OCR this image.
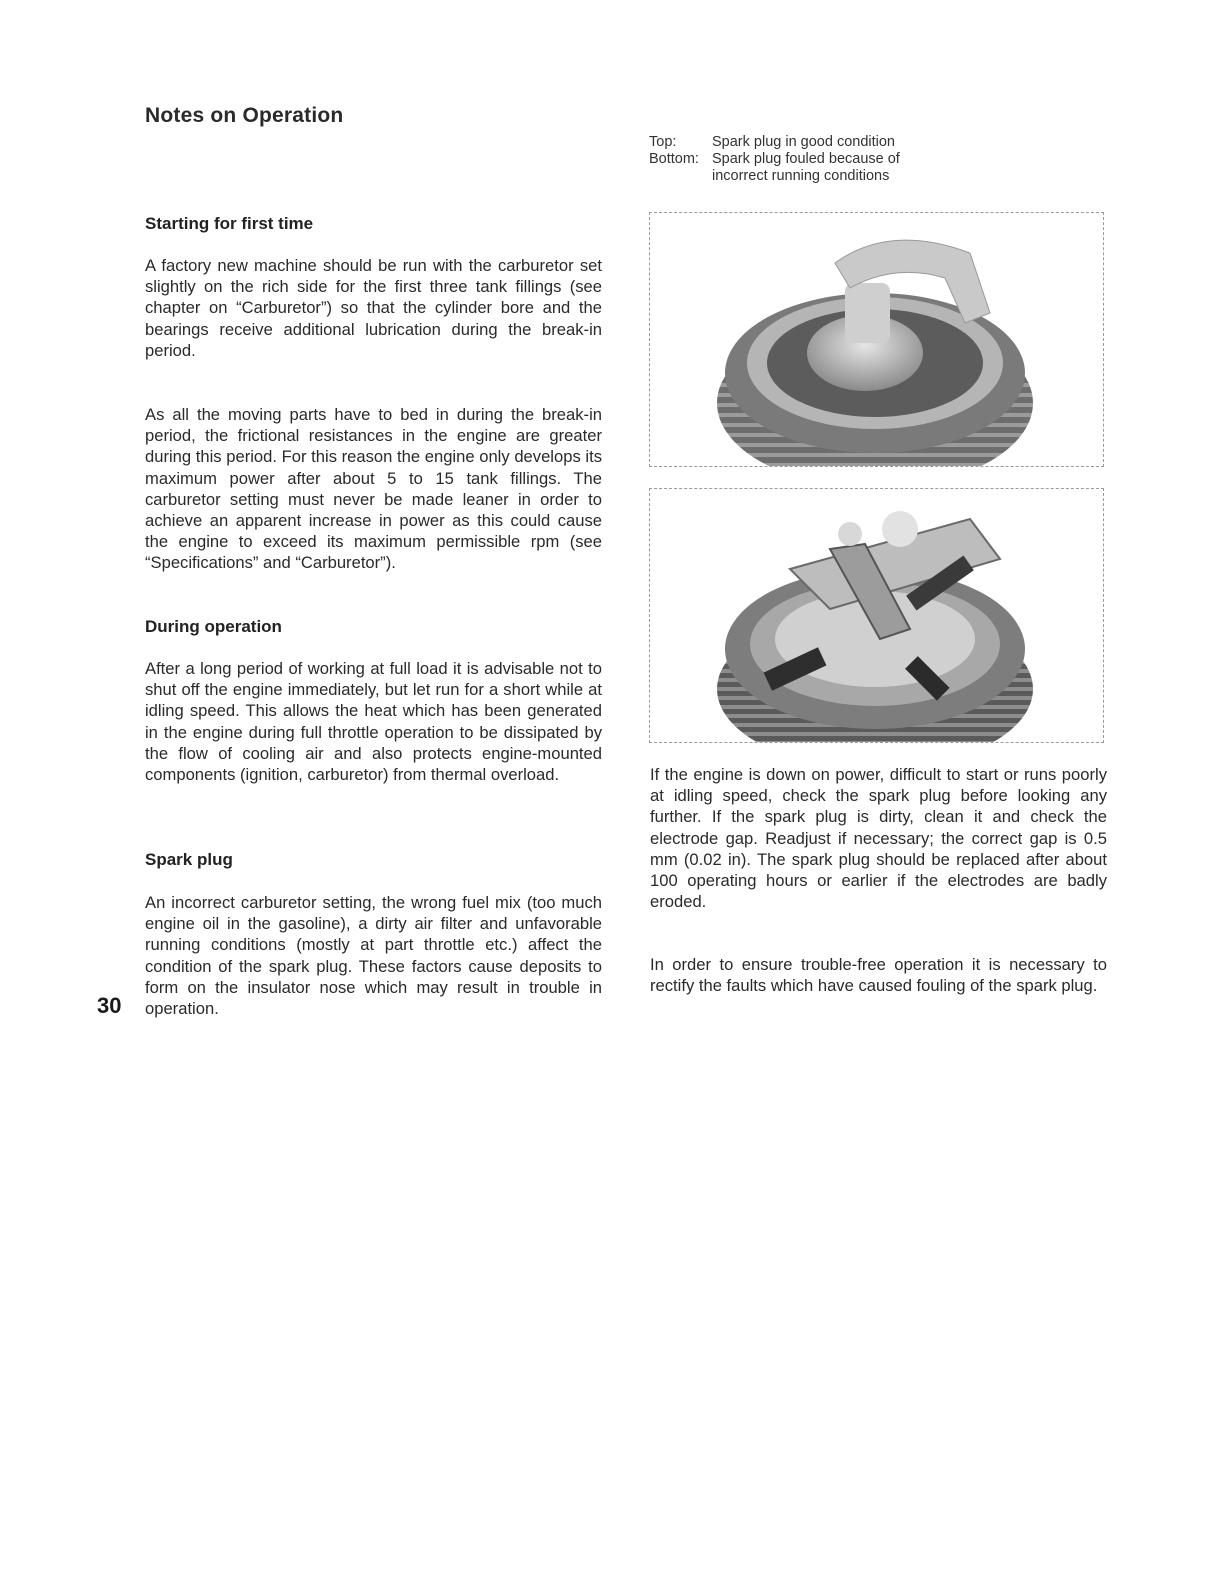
Notes on Operation
Top:	Spark plug in good condition
Bottom: Spark plug fouled because of incorrect running conditions
Starting for first time

A factory new machine should be run with the carburetor set slightly on the rich side for the first three tank fillings (see chapter on “Carburetor”) so that the cylinder bore and the bearings receive additional lubrication during the break-in period.

As all the moving parts have to bed in during the break-in period, the frictional resistances in the engine are greater during this period. For this reason the engine only develops its maximum power after about 5 to 15 tank fillings. The carburetor setting must never be made leaner in order to achieve an apparent increase in power as this could cause the engine to exceed its maximum permissible rpm (see “Specifications” and “Carburetor”).

During operation

After a long period of working at full load it is advisable not to shut off the engine immediately, but let run for a short while at idling speed. This allows the heat which has been generated in the engine during full throttle operation to be dissipated by the flow of cooling air and also protects engine-mounted components (ignition, carburetor) from thermal overload.

Spark plug

An incorrect carburetor setting, the wrong fuel mix (too much engine oil in the gasoline), a dirty air filter and unfavorable running conditions (mostly at part throttle etc.) affect the condition of the spark plug. These factors cause deposits to form on the insulator nose which may result in trouble in operation.

30

If the engine is down on power, difficult to start or runs poorly at idling speed, check the spark plug before looking any further. If the spark plug is dirty, clean it and check the electrode gap. Readjust if necessary; the correct gap is 0.5 mm (0.02 in). The spark plug should be replaced after about 100 operating hours or earlier if the electrodes are badly eroded.

In order to ensure trouble-free operation it is necessary to rectify the faults which have caused fouling of the spark plug.
